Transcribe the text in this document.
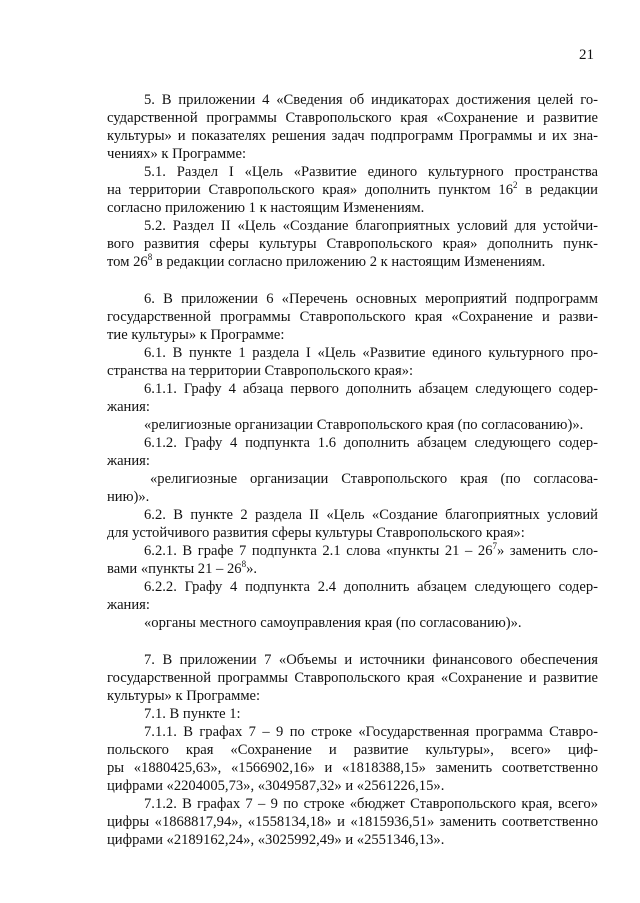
21
5. В приложении 4 «Сведения об индикаторах достижения целей го-
сударственной программы Ставропольского края «Сохранение и развитие
культуры» и показателях решения задач подпрограмм Программы и их зна-
чениях» к Программе:
5.1. Раздел I «Цель «Развитие единого культурного пространства
на территории Ставропольского края» дополнить пунктом $16^2$ в редакции
согласно приложению 1 к настоящим Изменениям.
5.2. Раздел II «Цель «Создание благоприятных условий для устойчи-
вого развития сферы культуры Ставропольского края» дополнить пунк-
том $26^8$ в редакции согласно приложению 2 к настоящим Изменениям.
6. В приложении 6 «Перечень основных мероприятий подпрограмм
государственной программы Ставропольского края «Сохранение и разви-
тие культуры» к Программе:
6.1. В пункте 1 раздела I «Цель «Развитие единого культурного про-
странства на территории Ставропольского края»:
6.1.1. Графу 4 абзаца первого дополнить абзацем следующего содер-
жания:
«религиозные организации Ставропольского края (по согласованию)».
6.1.2. Графу 4 подпункта 1.6 дополнить абзацем следующего содер-
жания:
«религиозные организации Ставропольского края (по согласова-
нию)».
6.2. В пункте 2 раздела II «Цель «Создание благоприятных условий
для устойчивого развития сферы культуры Ставропольского края»:
6.2.1. В графе 7 подпункта 2.1 слова «пункты $21 - 26^7$» заменить сло-
вами «пункты $21 - 26^8$».
6.2.2. Графу 4 подпункта 2.4 дополнить абзацем следующего содер-
жания:
«органы местного самоуправления края (по согласованию)».
7. В приложении 7 «Объемы и источники финансового обеспечения
государственной программы Ставропольского края «Сохранение и развитие
культуры» к Программе:
7.1. В пункте 1:
7.1.1. В графах 7 – 9 по строке «Государственная программа Ставро-
польского края «Сохранение и развитие культуры», всего» циф-
ры «1880425,63», «1566902,16» и «1818388,15» заменить соответственно
цифрами «2204005,73», «3049587,32» и «2561226,15».
7.1.2. В графах 7 – 9 по строке «бюджет Ставропольского края, всего»
цифры «1868817,94», «1558134,18» и «1815936,51» заменить соответственно
цифрами «2189162,24», «3025992,49» и «2551346,13».
